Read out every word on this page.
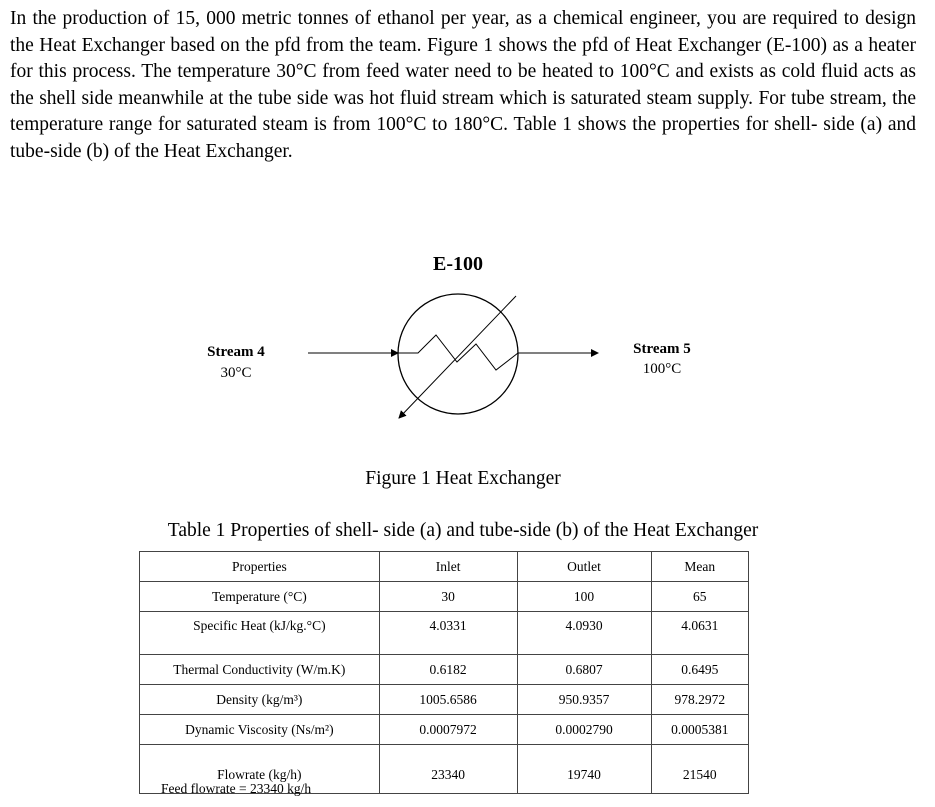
In the production of 15, 000 metric tonnes of ethanol per year, as a chemical engineer, you are required to design the Heat Exchanger based on the pfd from the team. Figure 1 shows the pfd of Heat Exchanger (E-100) as a heater for this process. The temperature 30°C from feed water need to be heated to 100°C and exists as cold fluid acts as the shell side meanwhile at the tube side was hot fluid stream which is saturated steam supply. For tube stream, the temperature range for saturated steam is from 100°C to 180°C. Table 1 shows the properties for shell- side (a) and tube-side (b) of the Heat Exchanger.

E-100
Stream 4
30°C
Stream 5
100°C
Figure 1 Heat Exchanger
Table 1 Properties of shell- side (a) and tube-side (b) of the Heat Exchanger
Properties	Inlet	Outlet	Mean
Temperature (°C)	30	100	65
Specific Heat (kJ/kg.°C)	4.0331	4.0930	4.0631
Thermal Conductivity (W/m.K)	0.6182	0.6807	0.6495
Density (kg/m³)	1005.6586	950.9357	978.2972
Dynamic Viscosity (Ns/m²)	0.0007972	0.0002790	0.0005381
Flowrate (kg/h)	23340	19740	21540
Feed flowrate = 23340 kg/h
